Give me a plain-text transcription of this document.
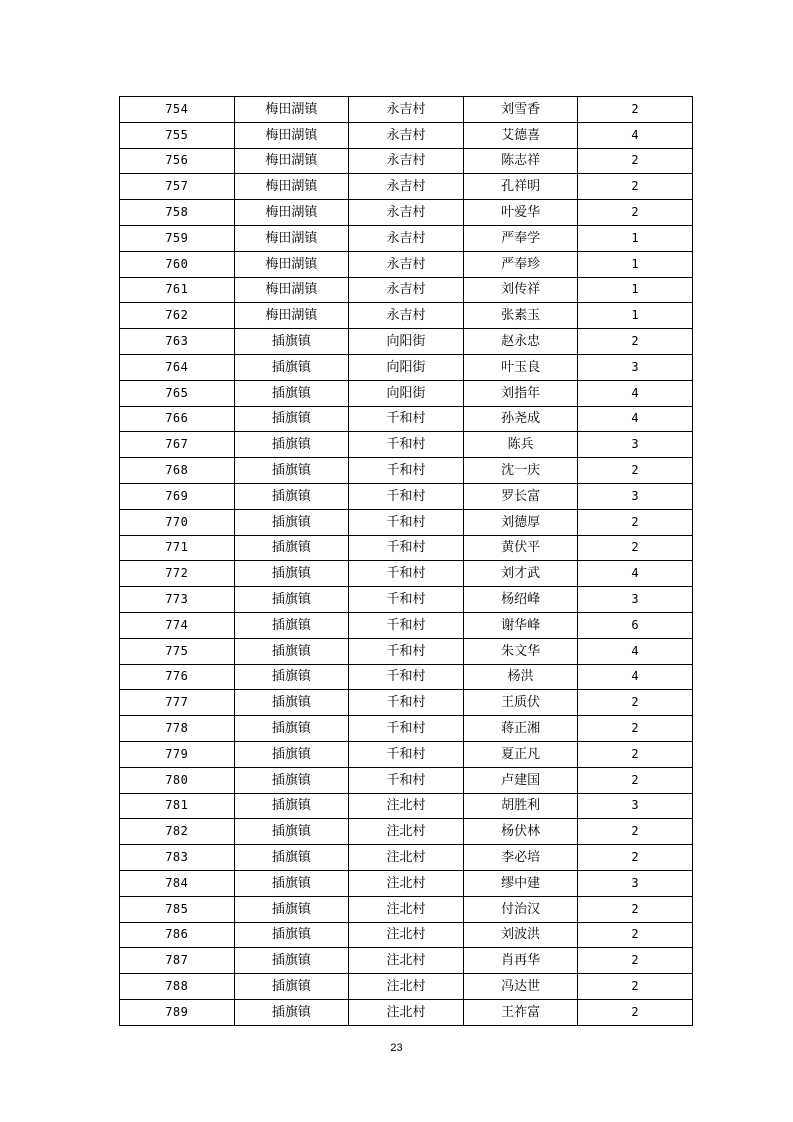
754	梅田湖镇	永吉村	刘雪香	2
755	梅田湖镇	永吉村	艾德喜	4
756	梅田湖镇	永吉村	陈志祥	2
757	梅田湖镇	永吉村	孔祥明	2
758	梅田湖镇	永吉村	叶爱华	2
759	梅田湖镇	永吉村	严奉学	1
760	梅田湖镇	永吉村	严奉珍	1
761	梅田湖镇	永吉村	刘传祥	1
762	梅田湖镇	永吉村	张素玉	1
763	插旗镇	向阳街	赵永忠	2
764	插旗镇	向阳街	叶玉良	3
765	插旗镇	向阳街	刘指年	4
766	插旗镇	千和村	孙尧成	4
767	插旗镇	千和村	陈兵	3
768	插旗镇	千和村	沈一庆	2
769	插旗镇	千和村	罗长富	3
770	插旗镇	千和村	刘德厚	2
771	插旗镇	千和村	黄伏平	2
772	插旗镇	千和村	刘才武	4
773	插旗镇	千和村	杨绍峰	3
774	插旗镇	千和村	谢华峰	6
775	插旗镇	千和村	朱文华	4
776	插旗镇	千和村	杨洪	4
777	插旗镇	千和村	王质伏	2
778	插旗镇	千和村	蒋正湘	2
779	插旗镇	千和村	夏正凡	2
780	插旗镇	千和村	卢建国	2
781	插旗镇	注北村	胡胜利	3
782	插旗镇	注北村	杨伏林	2
783	插旗镇	注北村	李必培	2
784	插旗镇	注北村	缪中建	3
785	插旗镇	注北村	付治汉	2
786	插旗镇	注北村	刘波洪	2
787	插旗镇	注北村	肖再华	2
788	插旗镇	注北村	冯达世	2
789	插旗镇	注北村	王祚富	2
23
